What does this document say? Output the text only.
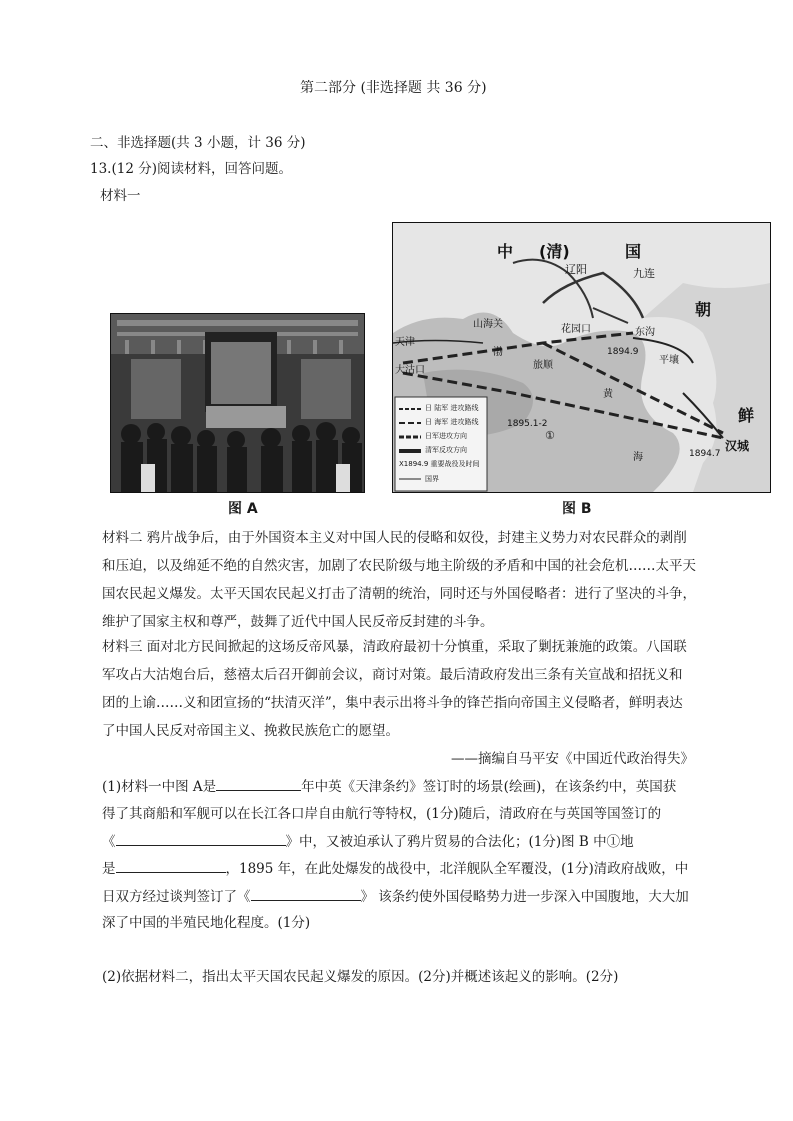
第二部分 (非选择题 共 36 分)
二、非选择题(共 3 小题，计 36 分)
13.(12 分)阅读材料，回答问题。
材料一
图 A
中 (清)	国
朝
鲜
辽阳	九连
山海关	花园口
天津
大沽口	旅顺
渤
海
黄
东沟
平壤
汉城
1894.9
1894.7
1895.1-2
①
日 陆军 进攻路线
日 海军 进攻路线
日军进攻方向
清军反攻方向
X1894.9 重要战役及时间
国界
图 B
材料二 鸦片战争后，由于外国资本主义对中国人民的侵略和奴役，封建主义势力对农民群众的剥削
和压迫，以及绵延不绝的自然灾害，加剧了农民阶级与地主阶级的矛盾和中国的社会危机……太平天
国农民起义爆发。太平天国农民起义打击了清朝的统治，同时还与外国侵略者：进行了坚决的斗争，
维护了国家主权和尊严，鼓舞了近代中国人民反帝反封建的斗争。
材料三 面对北方民间掀起的这场反帝风暴，清政府最初十分慎重，采取了剿抚兼施的政策。八国联
军攻占大沽炮台后，慈禧太后召开御前会议，商讨对策。最后清政府发出三条有关宣战和招抚义和
团的上谕……义和团宣扬的“扶清灭洋”，集中表示出将斗争的锋芒指向帝国主义侵略者，鲜明表达
了中国人民反对帝国主义、挽救民族危亡的愿望。
——摘编自马平安《中国近代政治得失》
(1)材料一中图 A是	年中英《天津条约》签订时的场景(绘画)，在该条约中，英国获
得了其商船和军舰可以在长江各口岸自由航行等特权，(1分)随后，清政府在与英国等国签订的
《	》中，又被迫承认了鸦片贸易的合法化；(1分)图 B 中①地
是	，1895 年，在此处爆发的战役中，北洋舰队全军覆没，(1分)清政府战败，中
日双方经过谈判签订了《	》 该条约使外国侵略势力进一步深入中国腹地，大大加
深了中国的半殖民地化程度。(1分)
(2)依据材料二，指出太平天国农民起义爆发的原因。(2分)并概述该起义的影响。(2分)
